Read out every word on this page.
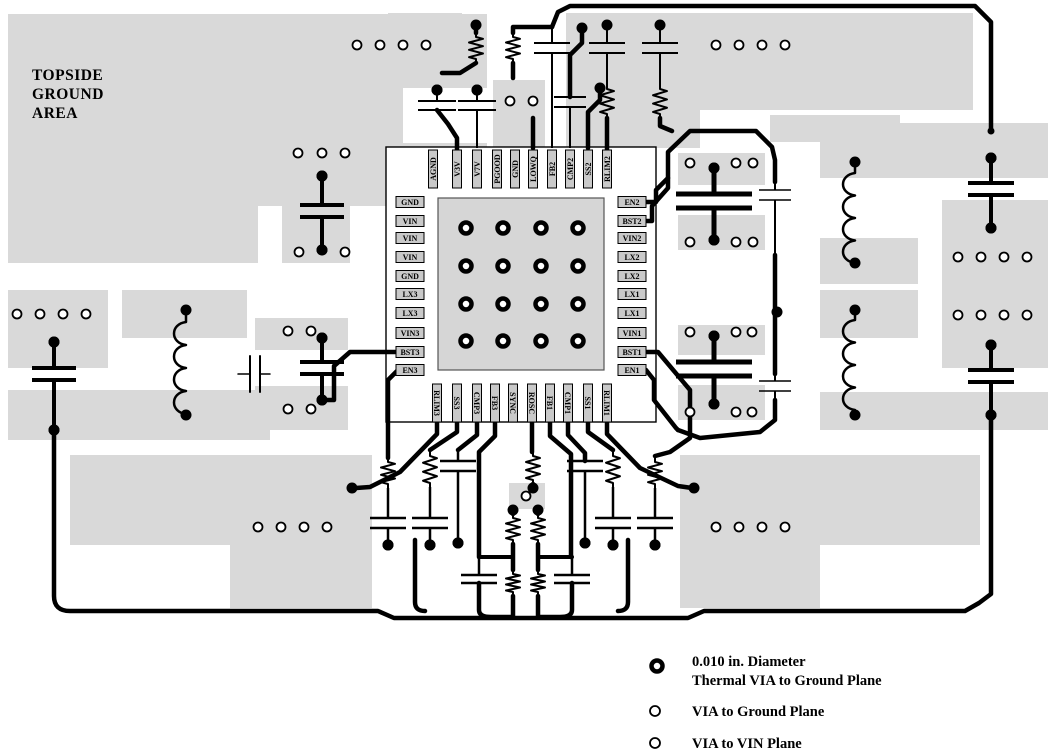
AGND V3V V7V PGOOD GND LOWQ FB2 CMP2 SS2 RLIM2
RLIM3 SS3 CMP3 FB3 SYNC ROSC FB1 CMP1 SS1 RLIM1
GND
VIN
VIN
VIN
GND
LX3
LX3
VIN3
BST3
EN3
EN2
BST2
VIN2
LX2
LX2
LX1
LX1
VIN1
BST1
EN1
TOPSIDE
GROUND
AREA
0.010 in. Diameter
Thermal VIA to Ground Plane
VIA to Ground Plane
VIA to VIN Plane
